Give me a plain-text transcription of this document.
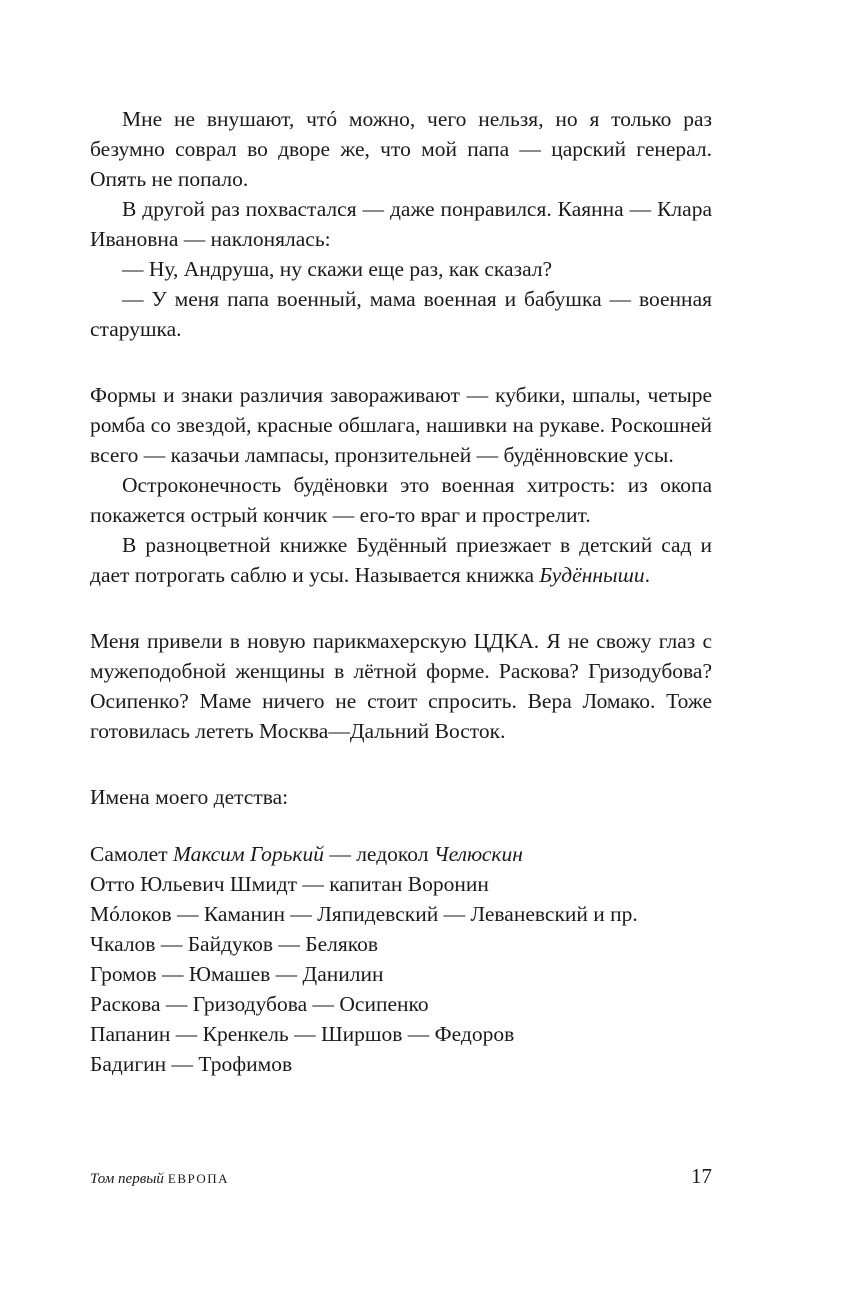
Мне не внушают, чтó можно, чего нельзя, но я только раз безумно соврал во дворе же, что мой папа — царский генерал. Опять не попало.

В другой раз похвастался — даже понравился. Каянна — Клара Ивановна — наклонялась:

— Ну, Андруша, ну скажи еще раз, как сказал?

— У меня папа военный, мама военная и бабушка — военная старушка.

Формы и знаки различия завораживают — кубики, шпалы, четыре ромба со звездой, красные обшлага, нашивки на рукаве. Роскошней всего — казачьи лампасы, пронзительней — будённовские усы.

Остроконечность будёновки это военная хитрость: из окопа покажется острый кончик — его-то враг и прострелит.

В разноцветной книжке Будённый приезжает в детский сад и дает потрогать саблю и усы. Называется книжка Будённыши.

Меня привели в новую парикмахерскую ЦДКА. Я не свожу глаз с мужеподобной женщины в лётной форме. Раскова? Гризодубова? Осипенко? Маме ничего не стоит спросить. Вера Ломако. Тоже готовилась лететь Москва—Дальний Восток.

Имена моего детства:

Самолет Максим Горький — ледокол Челюскин

Отто Юльевич Шмидт — капитан Воронин

Мóлоков — Каманин — Ляпидевский — Леваневский и пр.

Чкалов — Байдуков — Беляков

Громов — Юмашев — Данилин

Раскова — Гризодубова — Осипенко

Папанин — Кренкель — Ширшов — Федоров

Бадигин — Трофимов

Том первый ЕВРОПА	17
